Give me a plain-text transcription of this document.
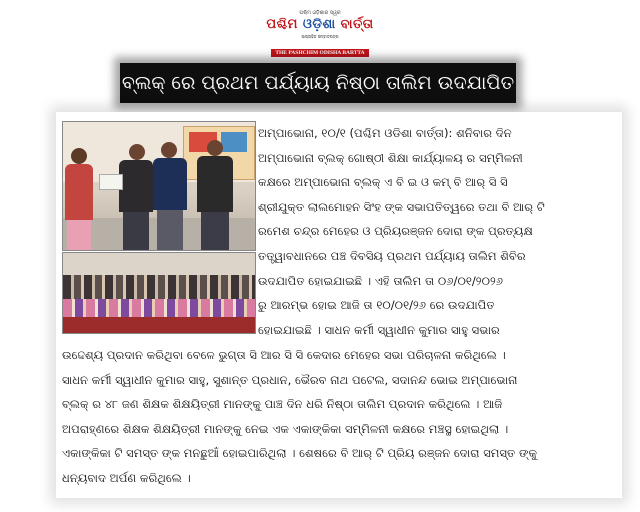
ପଶ୍ଚିମ ଓଡ଼ିଶାର ସ୍ୱର
ପଶ୍ଚିମ ଓଡ଼ିଶା ବାର୍ତ୍ତା
ସାପ୍ତାହିକ ସମ୍ବାଦପତ୍ର
THE PASHCHIM ODISHA BARTTA
ବ୍ଲକ୍ ରେ ପ୍ରଥମ ପର୍ଯ୍ୟାୟ ନିଷ୍ଠା ତାଲିମ ଉଦଯାପିତ
ଅମ୍ପାଭୋନା, ୧୦/୧ (ପଶ୍ଚିମ ଓଡିଶା ବାର୍ତ୍ତା): ଶନିବାର ଦିନ
ଅମ୍ପାଭୋନା ବ୍ଲକ୍ ଗୋଷ୍ଠୀ ଶିକ୍ଷା କାର୍ଯ୍ୟାଳୟ ର ସମ୍ମିଳନୀ
କକ୍ଷରେ ଅମ୍ପାଭୋନା ବ୍ଲକ୍ ଏ ବି ଇ ଓ କମ୍ ବି ଆର୍ ସି ସି
ଶ୍ରୀଯୁକ୍ତ ଲାଲମୋହନ ସିଂହ ଙ୍କ ସଭାପତିତ୍ୱରେ ତଥା ବି ଆର୍ ଟି
ରମେଶ ଚନ୍ଦ୍ର ମେହେର ଓ ପ୍ରିୟରଞ୍ଜନ ଦୋରା ଙ୍କ ପ୍ରତ୍ୟକ୍ଷ
ତତ୍ତ୍ୱାବଧାନରେ ପଞ୍ଚ ଦିବସିୟ ପ୍ରଥମ ପର୍ଯ୍ୟାୟ ତାଲିମ ଶିବିର
ଉଦଯାପିତ ହୋଇଯାଇଛି । ଏହି ତାଲିମ ତା ୦୬/୦୧/୨୦୨୬
ରୁ ଆରମ୍ଭ ହୋଇ ଆଜି ତା ୧୦/୦୧/୨୬ ରେ ଉଦଯାପିତ
ହୋଇଯାଇଛି । ସାଧନ କର୍ମୀ ସ୍ୱାଧୀନ କୁମାର ସାହୁ ସଭାର
ଉଦ୍ଦେଶ୍ୟ ପ୍ରଦାନ କରିଥିବା ବେଳେ ଭୁଗ୍ତା ସି ଆର ସି ସି କେଦାର ମେହେର ସଭା ପରିଚାଳନା କରିଥିଲେ ।
ସାଧନ କର୍ମୀ ସ୍ୱାଧୀନ କୁମାର ସାହୁ, ସୁଶାନ୍ତ ପ୍ରଧାନ, ଭୈରବ ନାଥ ପଟେଲ, ସଦାନନ୍ଦ ଭୋଇ ଅମ୍ପାଭୋନା
ବ୍ଲକ୍ ର ୪୮ ଜଣ ଶିକ୍ଷକ ଶିକ୍ଷୟିତ୍ରୀ ମାନଙ୍କୁ ପାଞ୍ଚ ଦିନ ଧରି ନିଷ୍ଠା ତାଲିମ ପ୍ରଦାନ କରିଥିଲେ । ଆଜି
ଅପରାହ୍ଣରେ ଶିକ୍ଷକ ଶିକ୍ଷୟିତ୍ରୀ ମାନଙ୍କୁ ନେଇ ଏକ ଏକାଙ୍କିକା ସମ୍ମିଳନୀ କକ୍ଷରେ ମଞ୍ଚସ୍ଥ ହୋଇଥିଲା ।
ଏକାଙ୍କିକା ଟି ସମସ୍ତ ଙ୍କ ମନଛୁଆଁ ହୋଇପାରିଥିଲା । ଶେଷରେ ବି ଆର୍ ଟି ପ୍ରିୟ ରଞ୍ଜନ ଦୋରା ସମସ୍ତ ଙ୍କୁ
ଧନ୍ୟବାଦ ଅର୍ପଣ କରିଥିଲେ ।
